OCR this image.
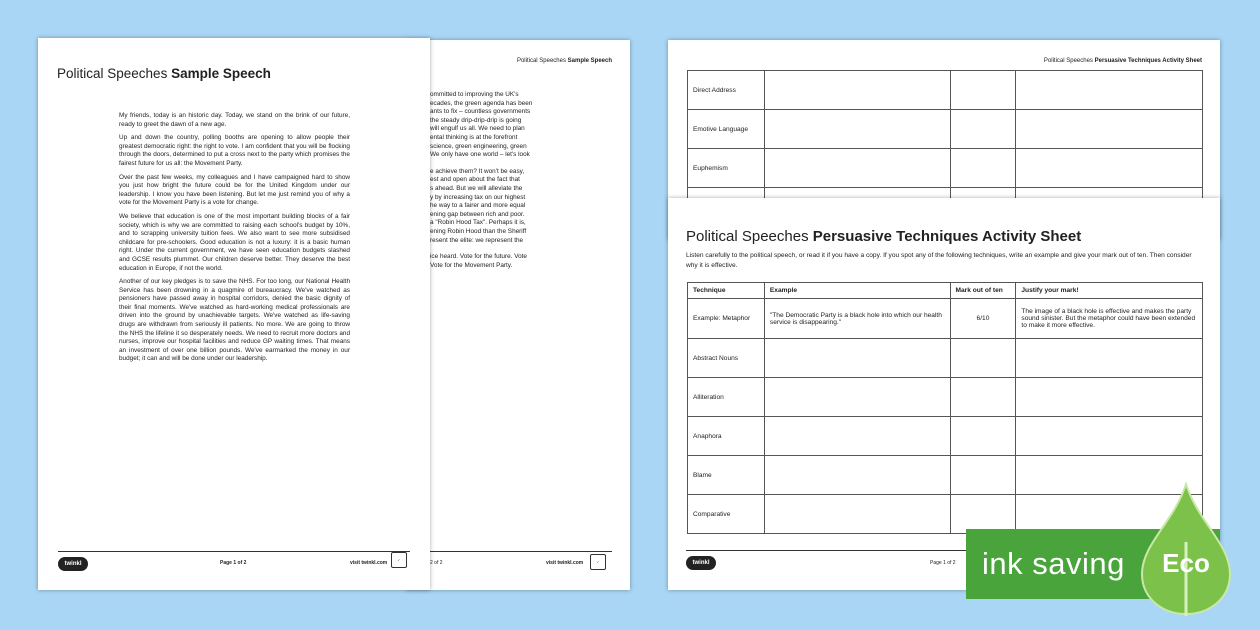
Political Speeches Sample Speech
ommitted to improving the UK's
ecades, the green agenda has been
ants to fix – countless governments
the steady drip-drip-drip is going
will engulf us all. We need to plan
ental thinking is at the forefront
science, green engineering, green
We only have one world – let's look
e achieve them? It won't be easy,
est and open about the fact that
s ahead. But we will alleviate the
y by increasing tax on our highest
he way to a fairer and more equal
ening gap between rich and poor.
a "Robin Hood Tax". Perhaps it is,
ening Robin Hood than the Sheriff
resent the elite: we represent the
ice heard. Vote for the future. Vote
Vote for the Movement Party.
2 of 2	visit twinkl.com	✓
Political Speeches Sample Speech

My friends, today is an historic day. Today, we stand on the brink of our future, ready to greet the dawn of a new age.

Up and down the country, polling booths are opening to allow people their greatest democratic right: the right to vote. I am confident that you will be flocking through the doors, determined to put a cross next to the party which promises the fairest future for us all: the Movement Party.

Over the past few weeks, my colleagues and I have campaigned hard to show you just how bright the future could be for the United Kingdom under our leadership. I know you have been listening. But let me just remind you of why a vote for the Movement Party is a vote for change.

We believe that education is one of the most important building blocks of a fair society, which is why we are committed to raising each school's budget by 10%, and to scrapping university tuition fees. We also want to see more subsidised childcare for pre-schoolers. Good education is not a luxury: it is a basic human right. Under the current government, we have seen education budgets slashed and GCSE results plummet. Our children deserve better. They deserve the best education in Europe, if not the world.

Another of our key pledges is to save the NHS. For too long, our National Health Service has been drowning in a quagmire of bureaucracy. We've watched as pensioners have passed away in hospital corridors, denied the basic dignity of their final moments. We've watched as hard-working medical professionals are driven into the ground by unachievable targets. We've watched as life-saving drugs are withdrawn from seriously ill patients. No more. We are going to throw the NHS the lifeline it so desperately needs. We need to recruit more doctors and nurses, improve our hospital facilities and reduce GP waiting times. That means an investment of over one billion pounds. We've earmarked the money in our budget; it can and will be done under our leadership.

twinkl	Page 1 of 2	visit twinkl.com	✓
Political Speeches Persuasive Techniques Activity Sheet
Direct Address			
Emotive Language			
Euphemism			

Political Speeches Persuasive Techniques Activity Sheet
Listen carefully to the political speech, or read it if you have a copy. If you spot any of the following techniques, write an example and give your mark out of ten. Then consider why it is effective.
Technique	Example	Mark out of ten	Justify your mark!
Example: Metaphor	"The Democratic Party is a black hole into which our health service is disappearing."	6/10	The image of a black hole is effective and makes the party sound sinister. But the metaphor could have been extended to make it more effective.
Abstract Nouns			
Alliteration			
Anaphora			
Blame			
Comparative			
twinkl	Page 1 of 2 ink saving Eco
